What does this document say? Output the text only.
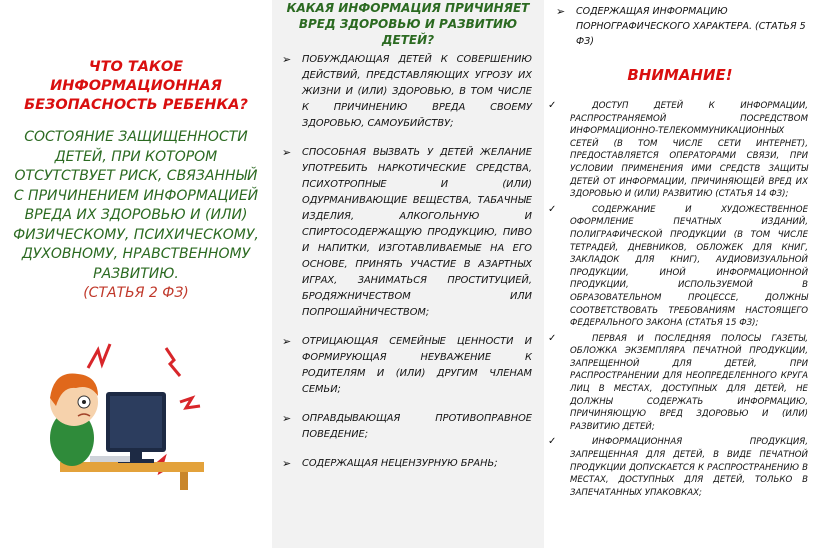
ЧТО ТАКОЕ ИНФОРМАЦИОННАЯ БЕЗОПАСНОСТЬ РЕБЕНКА?
СОСТОЯНИЕ ЗАЩИЩЕННОСТИ ДЕТЕЙ, ПРИ КОТОРОМ ОТСУТСТВУЕТ РИСК, СВЯЗАННЫЙ С ПРИЧИНЕНИЕМ ИНФОРМАЦИЕЙ ВРЕДА ИХ ЗДОРОВЬЮ И (ИЛИ) ФИЗИЧЕСКОМУ, ПСИХИЧЕСКОМУ, ДУХОВНОМУ, НРАВСТВЕННОМУ РАЗВИТИЮ.
(СТАТЬЯ 2 ФЗ)
КАКАЯ ИНФОРМАЦИЯ ПРИЧИНЯЕТ ВРЕД ЗДОРОВЬЮ И РАЗВИТИЮ ДЕТЕЙ?
➢ ПОБУЖДАЮЩАЯ ДЕТЕЙ К СОВЕРШЕНИЮ ДЕЙСТВИЙ, ПРЕДСТАВЛЯЮЩИХ УГРОЗУ ИХ ЖИЗНИ И (ИЛИ) ЗДОРОВЬЮ, В ТОМ ЧИСЛЕ К ПРИЧИНЕНИЮ ВРЕДА СВОЕМУ ЗДОРОВЬЮ, САМОУБИЙСТВУ;
➢ СПОСОБНАЯ ВЫЗВАТЬ У ДЕТЕЙ ЖЕЛАНИЕ УПОТРЕБИТЬ НАРКОТИЧЕСКИЕ СРЕДСТВА, ПСИХОТРОПНЫЕ И (ИЛИ) ОДУРМАНИВАЮЩИЕ ВЕЩЕСТВА, ТАБАЧНЫЕ ИЗДЕЛИЯ, АЛКОГОЛЬНУЮ И СПИРТОСОДЕРЖАЩУЮ ПРОДУКЦИЮ, ПИВО И НАПИТКИ, ИЗГОТАВЛИВАЕМЫЕ НА ЕГО ОСНОВЕ, ПРИНЯТЬ УЧАСТИЕ В АЗАРТНЫХ ИГРАХ, ЗАНИМАТЬСЯ ПРОСТИТУЦИЕЙ, БРОДЯЖНИЧЕСТВОМ ИЛИ ПОПРОШАЙНИЧЕСТВОМ;
➢ ОТРИЦАЮЩАЯ СЕМЕЙНЫЕ ЦЕННОСТИ И ФОРМИРУЮЩАЯ НЕУВАЖЕНИЕ К РОДИТЕЛЯМ И (ИЛИ) ДРУГИМ ЧЛЕНАМ СЕМЬИ;
➢ ОПРАВДЫВАЮЩАЯ ПРОТИВОПРАВНОЕ ПОВЕДЕНИЕ;
➢ СОДЕРЖАЩАЯ НЕЦЕНЗУРНУЮ БРАНЬ;
➢ СОДЕРЖАЩАЯ ИНФОРМАЦИЮ ПОРНОГРАФИЧЕСКОГО ХАРАКТЕРА. (СТАТЬЯ 5 ФЗ)
ВНИМАНИЕ!
✓	ДОСТУП ДЕТЕЙ К ИНФОРМАЦИИ, РАСПРОСТРАНЯЕМОЙ ПОСРЕДСТВОМ ИНФОРМАЦИОННО-ТЕЛЕКОММУНИКАЦИОННЫХ СЕТЕЙ (В ТОМ ЧИСЛЕ СЕТИ ИНТЕРНЕТ), ПРЕДОСТАВЛЯЕТСЯ ОПЕРАТОРАМИ СВЯЗИ, ПРИ УСЛОВИИ ПРИМЕНЕНИЯ ИМИ СРЕДСТВ ЗАЩИТЫ ДЕТЕЙ ОТ ИНФОРМАЦИИ, ПРИЧИНЯЮЩЕЙ ВРЕД ИХ ЗДОРОВЬЮ И (ИЛИ) РАЗВИТИЮ (СТАТЬЯ 14 ФЗ);
✓	СОДЕРЖАНИЕ И ХУДОЖЕСТВЕННОЕ ОФОРМЛЕНИЕ ПЕЧАТНЫХ ИЗДАНИЙ, ПОЛИГРАФИЧЕСКОЙ ПРОДУКЦИИ (В ТОМ ЧИСЛЕ ТЕТРАДЕЙ, ДНЕВНИКОВ, ОБЛОЖЕК ДЛЯ КНИГ, ЗАКЛАДОК ДЛЯ КНИГ), АУДИОВИЗУАЛЬНОЙ ПРОДУКЦИИ, ИНОЙ ИНФОРМАЦИОННОЙ ПРОДУКЦИИ, ИСПОЛЬЗУЕМОЙ В ОБРАЗОВАТЕЛЬНОМ ПРОЦЕССЕ, ДОЛЖНЫ СООТВЕТСТВОВАТЬ ТРЕБОВАНИЯМ НАСТОЯЩЕГО ФЕДЕРАЛЬНОГО ЗАКОНА (СТАТЬЯ 15 ФЗ);
✓	ПЕРВАЯ И ПОСЛЕДНЯЯ ПОЛОСЫ ГАЗЕТЫ, ОБЛОЖКА ЭКЗЕМПЛЯРА ПЕЧАТНОЙ ПРОДУКЦИИ, ЗАПРЕЩЕННОЙ ДЛЯ ДЕТЕЙ, ПРИ РАСПРОСТРАНЕНИИ ДЛЯ НЕОПРЕДЕЛЕННОГО КРУГА ЛИЦ В МЕСТАХ, ДОСТУПНЫХ ДЛЯ ДЕТЕЙ, НЕ ДОЛЖНЫ СОДЕРЖАТЬ ИНФОРМАЦИЮ, ПРИЧИНЯЮЩУЮ ВРЕД ЗДОРОВЬЮ И (ИЛИ) РАЗВИТИЮ ДЕТЕЙ;
✓	ИНФОРМАЦИОННАЯ ПРОДУКЦИЯ, ЗАПРЕЩЕННАЯ ДЛЯ ДЕТЕЙ, В ВИДЕ ПЕЧАТНОЙ ПРОДУКЦИИ ДОПУСКАЕТСЯ К РАСПРОСТРАНЕНИЮ В МЕСТАХ, ДОСТУПНЫХ ДЛЯ ДЕТЕЙ, ТОЛЬКО В ЗАПЕЧАТАННЫХ УПАКОВКАХ;
